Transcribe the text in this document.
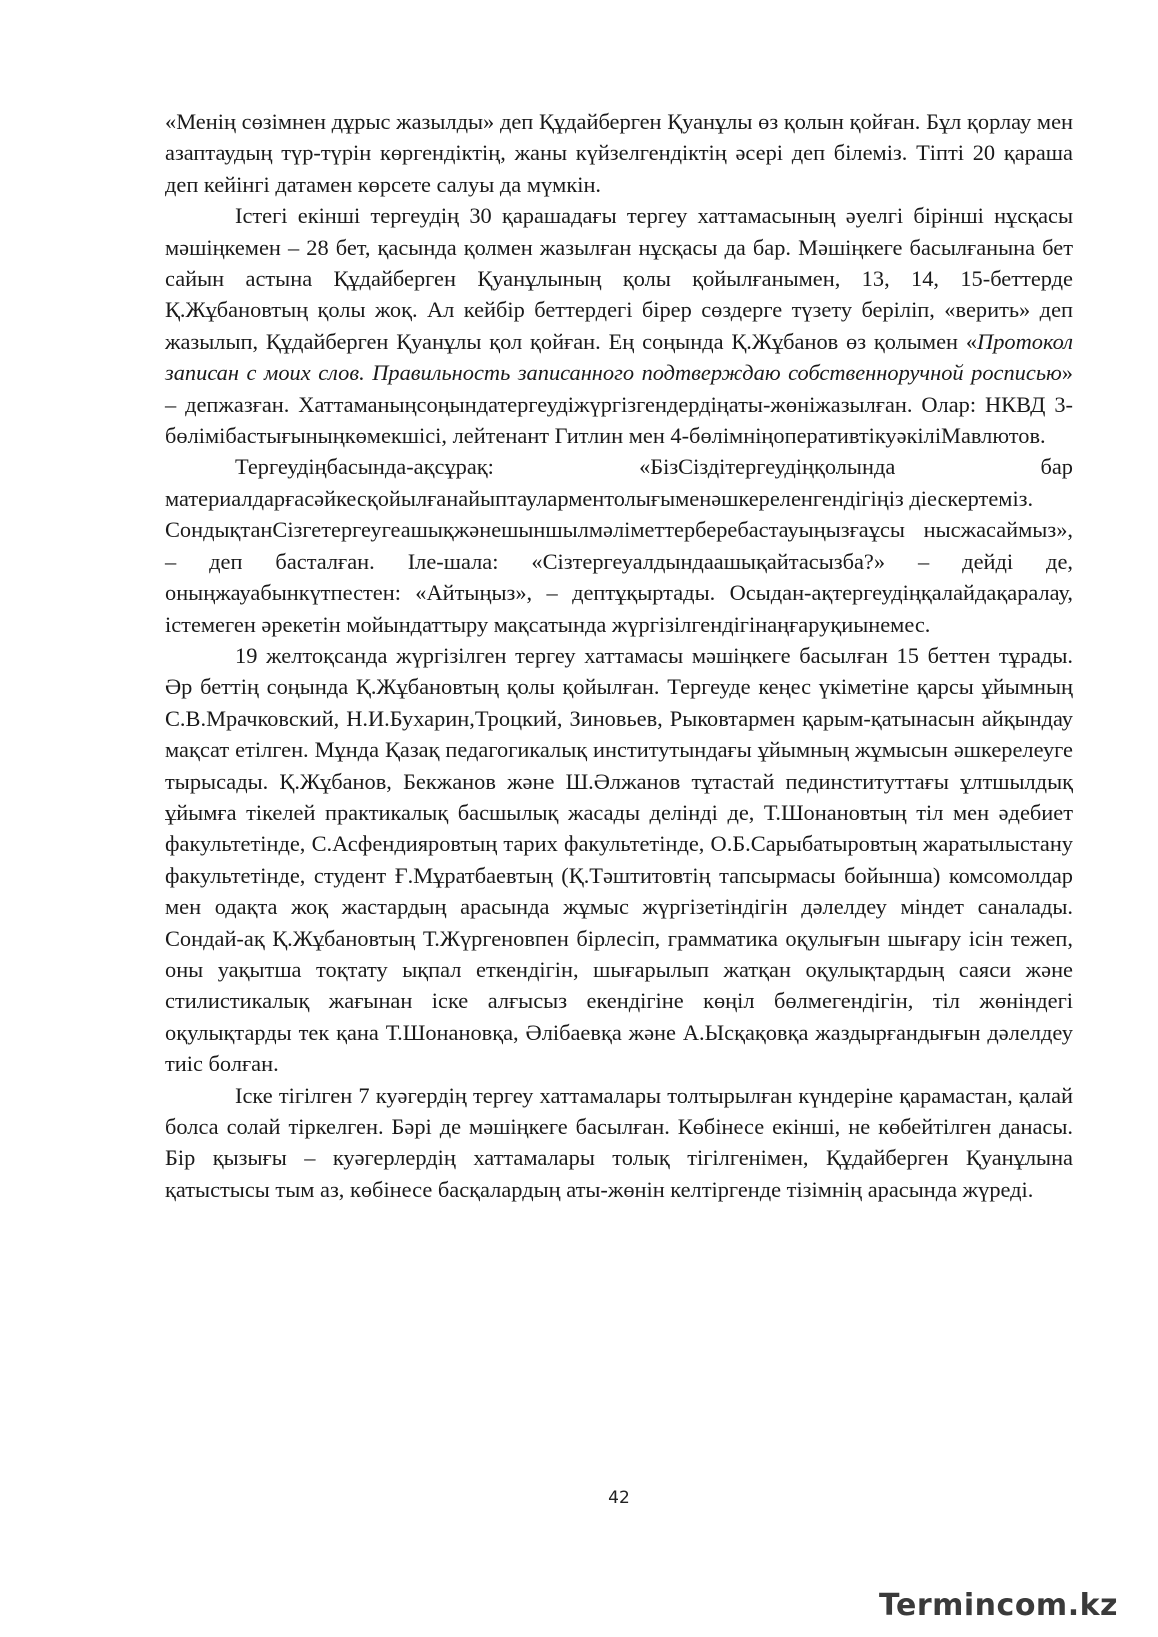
«Менің сөзімнен дұрыс жазылды» деп Құдайберген Қуанұлы өз қолын қойған. Бұл қорлау мен азаптаудың түр-түрін көргендіктің, жаны күйзелгендіктің әсері деп білеміз. Тіпті 20 қараша деп кейінгі датамен көрсете салуы да мүмкін.

Істегі екінші тергеудің 30 қарашадағы тергеу хаттамасының әуелгі бірінші нұсқасы мәшіңкемен – 28 бет, қасында қолмен жазылған нұсқасы да бар. Мәшіңкеге басылғанына бет сайын астына Құдайберген Қуанұлының қолы қойылғанымен, 13, 14, 15-беттерде Қ.Жұбановтың қолы жоқ. Ал кейбір беттердегі бірер сөздерге түзету беріліп, «верить» деп жазылып, Құдайберген Қуанұлы қол қойған. Ең соңында Қ.Жұбанов өз қолымен «Протокол записан с моих слов. Правильность записанного подтверждаю собственноручной росписью» – депжазған. Хаттаманыңсоңындатергеудіжүргізгендердіңаты-жөніжазылған. Олар: НКВД 3-бөлімібастығыныңкөмекшісі, лейтенант Гитлин мен 4-бөлімніңоперативтікуәкіліМавлютов.

Тергеудіңбасында-ақсұрақ: «БізСіздітергеудіңқолында бар материалдарғасәйкесқойылғанайыптауларментолығыменәшкереленгендігіңіз діескертеміз.

СондықтанСізгетергеугеашықжәнешыншылмәліметтерберебастауыңызғаұсы нысжасаймыз», – деп басталған. Іле-шала: «Сізтергеуалдындаашықайтасызба?» – дейді де, оныңжауабынкүтпестен: «Айтыңыз», – дептұқыртады. Осыдан-ақтергеудіңқалайдақаралау, істемеген әрекетін мойындаттыру мақсатында жүргізілгендігінаңғаруқиынемес.

19 желтоқсанда жүргізілген тергеу хаттамасы мәшіңкеге басылған 15 беттен тұрады. Әр беттің соңында Қ.Жұбановтың қолы қойылған. Тергеуде кеңес үкіметіне қарсы ұйымның С.В.Мрачковский, Н.И.Бухарин,Троцкий, Зиновьев, Рыковтармен қарым-қатынасын айқындау мақсат етілген. Мұнда Қазақ педагогикалық институтындағы ұйымның жұмысын әшкерелеуге тырысады. Қ.Жұбанов, Бекжанов және Ш.Әлжанов тұтастай пединституттағы ұлтшылдық ұйымға тікелей практикалық басшылық жасады делінді де, Т.Шонановтың тіл мен әдебиет факультетінде, С.Асфендияровтың тарих факультетінде, О.Б.Сарыбатыровтың жаратылыстану факультетінде, студент Ғ.Мұратбаевтың (Қ.Тәштитовтің тапсырмасы бойынша) комсомолдар мен одақта жоқ жастардың арасында жұмыс жүргізетіндігін дәлелдеу міндет саналады. Сондай-ақ Қ.Жұбановтың Т.Жүргеновпен бірлесіп, грамматика оқулығын шығару ісін тежеп, оны уақытша тоқтату ықпал еткендігін, шығарылып жатқан оқулықтардың саяси және стилистикалық жағынан іске алғысыз екендігіне көңіл бөлмегендігін, тіл жөніндегі оқулықтарды тек қана Т.Шонановқа, Әлібаевқа және А.Ысқақовқа жаздырғандығын дәлелдеу тиіс болған.

Іске тігілген 7 куәгердің тергеу хаттамалары толтырылған күндеріне қарамастан, қалай болса солай тіркелген. Бәрі де мәшіңкеге басылған. Көбінесе екінші, не көбейтілген данасы. Бір қызығы – куәгерлердің хаттамалары толық тігілгенімен, Құдайберген Қуанұлына қатыстысы тым аз, көбінесе басқалардың аты-жөнін келтіргенде тізімнің арасында жүреді.

42
Termincom.kz
